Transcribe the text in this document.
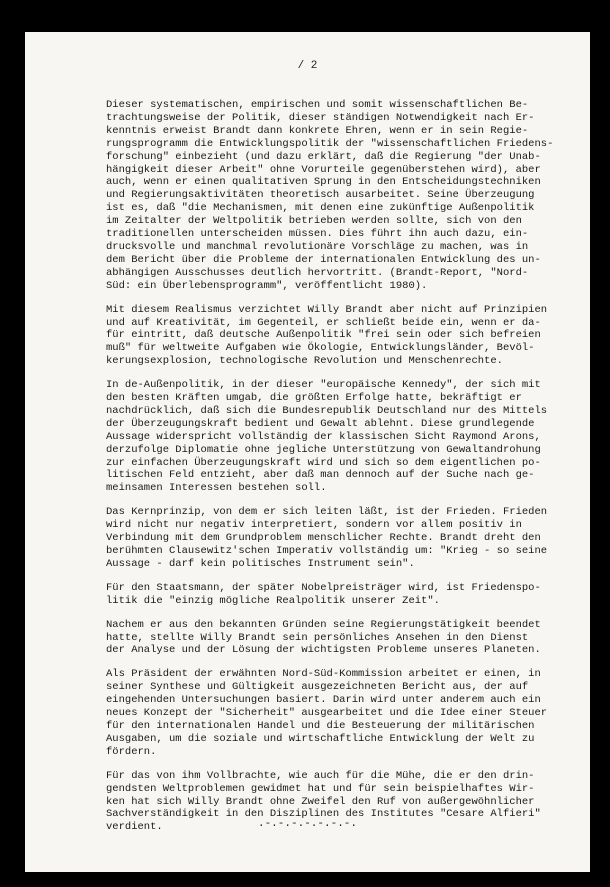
/ 2

Dieser systematischen, empirischen und somit wissenschaftlichen Be-
trachtungsweise der Politik, dieser ständigen Notwendigkeit nach Er-
kenntnis erweist Brandt dann konkrete Ehren, wenn er in sein Regie-
rungsprogramm die Entwicklungspolitik der "wissenschaftlichen Friedens-
forschung" einbezieht (und dazu erklärt, daß die Regierung "der Unab-
hängigkeit dieser Arbeit" ohne Vorurteile gegenüberstehen wird), aber
auch, wenn er einen qualitativen Sprung in den Entscheidungstechniken
und Regierungsaktivitäten theoretisch ausarbeitet. Seine Überzeugung
ist es, daß "die Mechanismen, mit denen eine zukünftige Außenpolitik
im Zeitalter der Weltpolitik betrieben werden sollte, sich von den
traditionellen unterscheiden müssen. Dies führt ihn auch dazu, ein-
drucksvolle und manchmal revolutionäre Vorschläge zu machen, was in
dem Bericht über die Probleme der internationalen Entwicklung des un-
abhängigen Ausschusses deutlich hervortritt. (Brandt-Report, "Nord-
Süd: ein Überlebensprogramm", veröffentlicht 1980).

Mit diesem Realismus verzichtet Willy Brandt aber nicht auf Prinzipien
und auf Kreativität, im Gegenteil, er schließt beide ein, wenn er da-
für eintritt, daß deutsche Außenpolitik "frei sein oder sich befreien
muß" für weltweite Aufgaben wie Ökologie, Entwicklungsländer, Bevöl-
kerungsexplosion, technologische Revolution und Menschenrechte.

In de-Außenpolitik, in der dieser "europäische Kennedy", der sich mit
den besten Kräften umgab, die größten Erfolge hatte, bekräftigt er
nachdrücklich, daß sich die Bundesrepublik Deutschland nur des Mittels
der Überzeugungskraft bedient und Gewalt ablehnt. Diese grundlegende
Aussage widerspricht vollständig der klassischen Sicht Raymond Arons,
derzufolge Diplomatie ohne jegliche Unterstützung von Gewaltandrohung
zur einfachen Überzeugungskraft wird und sich so dem eigentlichen po-
litischen Feld entzieht, aber daß man dennoch auf der Suche nach ge-
meinsamen Interessen bestehen soll.

Das Kernprinzip, von dem er sich leiten läßt, ist der Frieden. Frieden
wird nicht nur negativ interpretiert, sondern vor allem positiv in
Verbindung mit dem Grundproblem menschlicher Rechte. Brandt dreht den
berühmten Clausewitz'schen Imperativ vollständig um: "Krieg - so seine
Aussage - darf kein politisches Instrument sein".

Für den Staatsmann, der später Nobelpreisträger wird, ist Friedenspo-
litik die "einzig mögliche Realpolitik unserer Zeit".

Nachem er aus den bekannten Gründen seine Regierungstätigkeit beendet
hatte, stellte Willy Brandt sein persönliches Ansehen in den Dienst
der Analyse und der Lösung der wichtigsten Probleme unseres Planeten.

Als Präsident der erwähnten Nord-Süd-Kommission arbeitet er einen, in
seiner Synthese und Gültigkeit ausgezeichneten Bericht aus, der auf
eingehenden Untersuchungen basiert. Darin wird unter anderem auch ein
neues Konzept der "Sicherheit" ausgearbeitet und die Idee einer Steuer
für den internationalen Handel und die Besteuerung der militärischen
Ausgaben, um die soziale und wirtschaftliche Entwicklung der Welt zu
fördern.

Für das von ihm Vollbrachte, wie auch für die Mühe, die er den drin-
gendsten Weltproblemen gewidmet hat und für sein beispielhaftes Wir-
ken hat sich Willy Brandt ohne Zweifel den Ruf von außergewöhnlicher
Sachverständigkeit in den Disziplinen des Institutes "Cesare Alfieri"
verdient.	.-.-.-.-.-.-.-.
